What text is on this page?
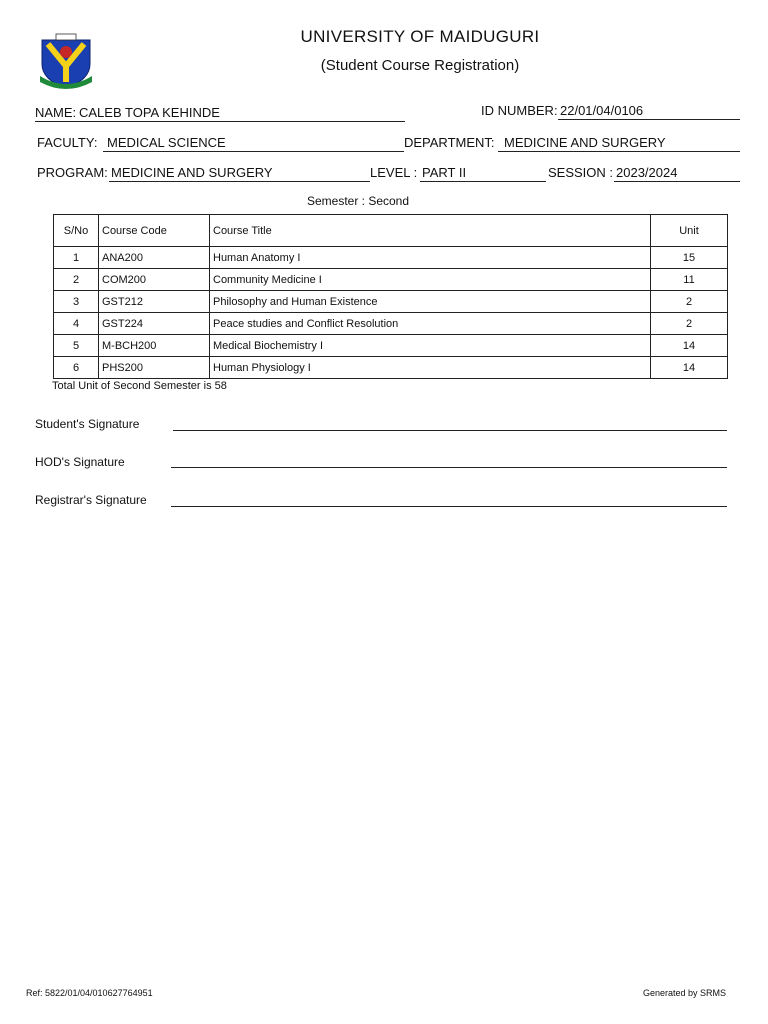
UNIVERSITY OF MAIDUGURI
(Student Course Registration)
NAME: CALEB TOPA KEHINDE	ID NUMBER: 22/01/04/0106
FACULTY: MEDICAL SCIENCE	DEPARTMENT: MEDICINE AND SURGERY
PROGRAM: MEDICINE AND SURGERY	LEVEL : PART II	SESSION : 2023/2024
Semester : Second
S/No	Course Code	Course Title	Unit
1	ANA200	Human Anatomy I	15
2	COM200	Community Medicine I	11
3	GST212	Philosophy and Human Existence	2
4	GST224	Peace studies and Conflict Resolution	2
5	M-BCH200	Medical Biochemistry I	14
6	PHS200	Human Physiology I	14
Total Unit of Second Semester is 58
Student's Signature
HOD's Signature
Registrar's Signature
Ref: 5822/01/04/010627764951	Generated by SRMS
